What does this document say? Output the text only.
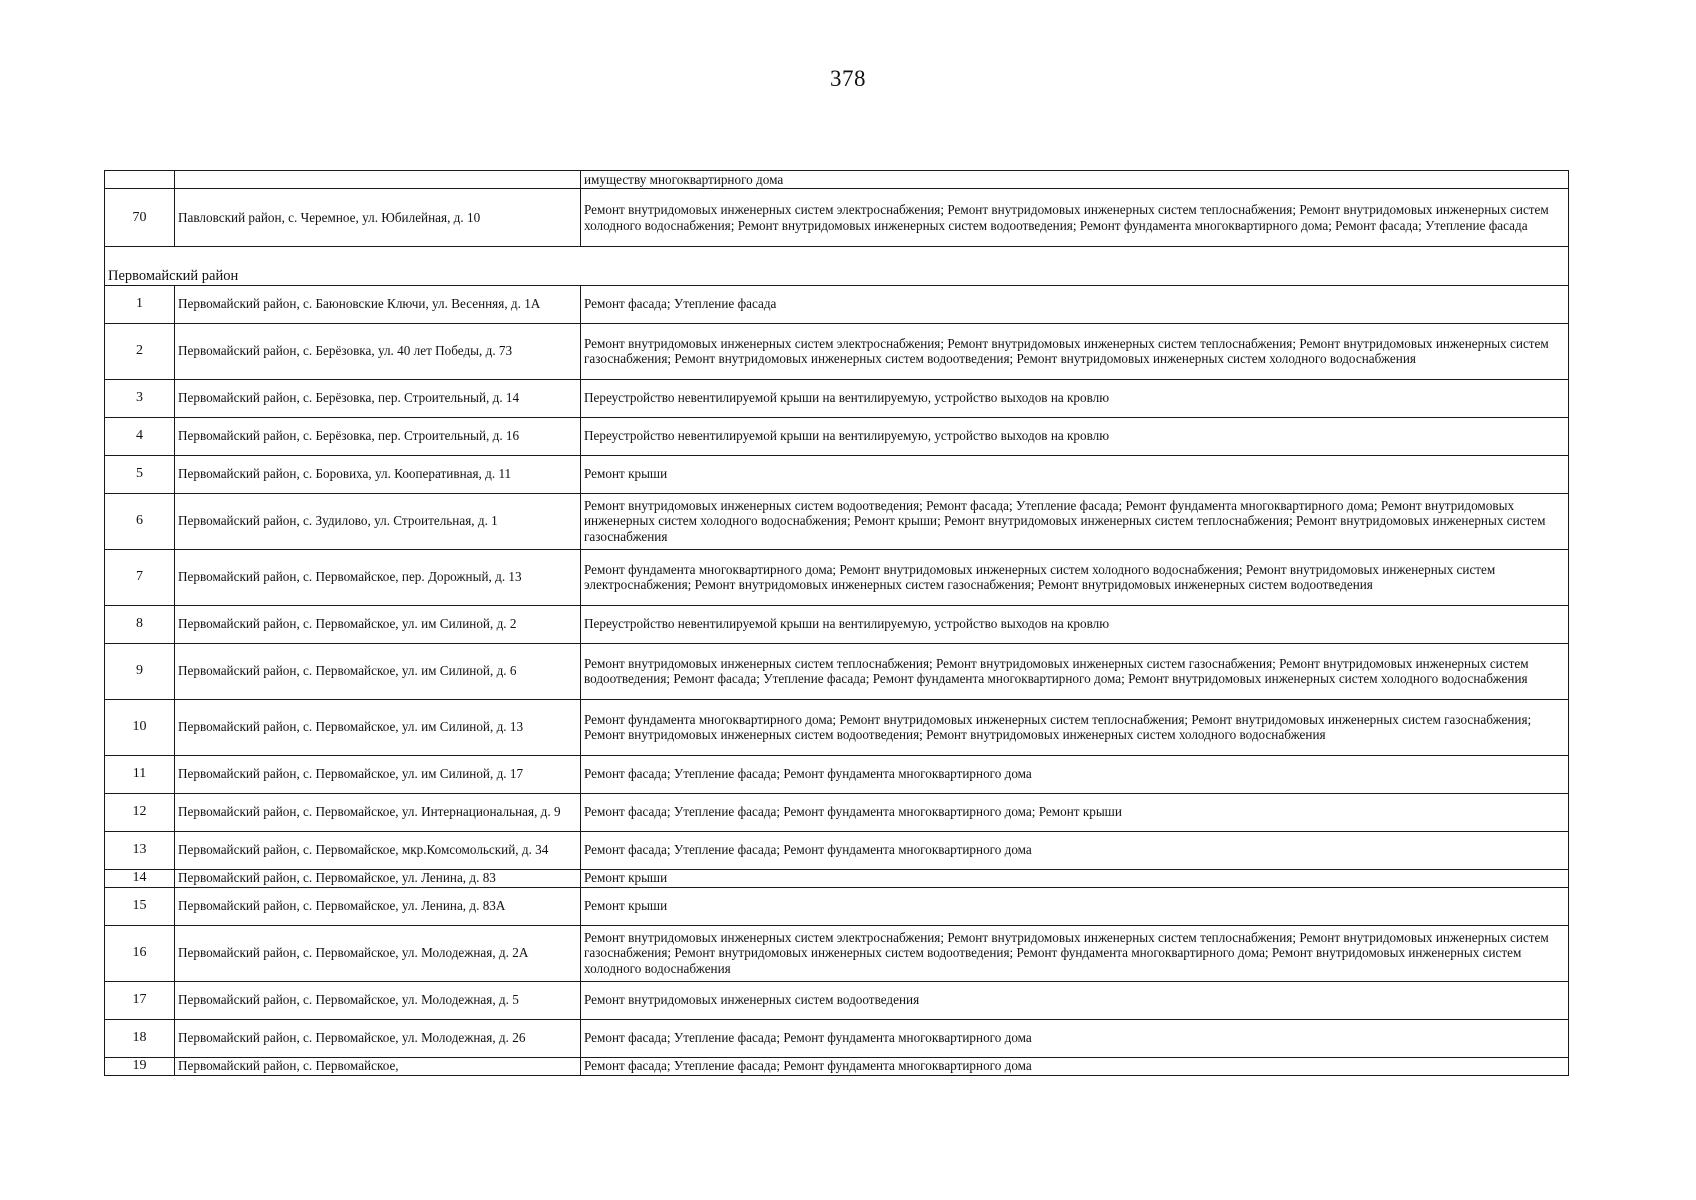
378
		имуществу многоквартирного дома
70	Павловский район, с. Черемное, ул. Юбилейная, д. 10	Ремонт внутридомовых инженерных систем электроснабжения; Ремонт внутридомовых инженерных систем теплоснабжения; Ремонт внутридомовых инженерных систем холодного водоснабжения; Ремонт внутридомовых инженерных систем водоотведения; Ремонт фундамента многоквартирного дома; Ремонт фасада; Утепление фасада
Первомайский район		
1	Первомайский район, с. Баюновские Ключи, ул. Весенняя, д. 1А	Ремонт фасада; Утепление фасада
2	Первомайский район, с. Берёзовка, ул. 40 лет Победы, д. 73	Ремонт внутридомовых инженерных систем электроснабжения; Ремонт внутридомовых инженерных систем теплоснабжения; Ремонт внутридомовых инженерных систем газоснабжения; Ремонт внутридомовых инженерных систем водоотведения; Ремонт внутридомовых инженерных систем холодного водоснабжения
3	Первомайский район, с. Берёзовка, пер. Строительный, д. 14	Переустройство невентилируемой крыши на вентилируемую, устройство выходов на кровлю
4	Первомайский район, с. Берёзовка, пер. Строительный, д. 16	Переустройство невентилируемой крыши на вентилируемую, устройство выходов на кровлю
5	Первомайский район, с. Боровиха, ул. Кооперативная, д. 11	Ремонт крыши
6	Первомайский район, с. Зудилово, ул. Строительная, д. 1	Ремонт внутридомовых инженерных систем водоотведения; Ремонт фасада; Утепление фасада; Ремонт фундамента многоквартирного дома; Ремонт внутридомовых инженерных систем холодного водоснабжения; Ремонт крыши; Ремонт внутридомовых инженерных систем теплоснабжения; Ремонт внутридомовых инженерных систем газоснабжения
7	Первомайский район, с. Первомайское, пер. Дорожный, д. 13	Ремонт фундамента многоквартирного дома; Ремонт внутридомовых инженерных систем холодного водоснабжения; Ремонт внутридомовых инженерных систем электроснабжения; Ремонт внутридомовых инженерных систем газоснабжения; Ремонт внутридомовых инженерных систем водоотведения
8	Первомайский район, с. Первомайское, ул. им Силиной, д. 2	Переустройство невентилируемой крыши на вентилируемую, устройство выходов на кровлю
9	Первомайский район, с. Первомайское, ул. им Силиной, д. 6	Ремонт внутридомовых инженерных систем теплоснабжения; Ремонт внутридомовых инженерных систем газоснабжения; Ремонт внутридомовых инженерных систем водоотведения; Ремонт фасада; Утепление фасада; Ремонт фундамента многоквартирного дома; Ремонт внутридомовых инженерных систем холодного водоснабжения
10	Первомайский район, с. Первомайское, ул. им Силиной, д. 13	Ремонт фундамента многоквартирного дома; Ремонт внутридомовых инженерных систем теплоснабжения; Ремонт внутридомовых инженерных систем газоснабжения; Ремонт внутридомовых инженерных систем водоотведения; Ремонт внутридомовых инженерных систем холодного водоснабжения
11	Первомайский район, с. Первомайское, ул. им Силиной, д. 17	Ремонт фасада; Утепление фасада; Ремонт фундамента многоквартирного дома
12	Первомайский район, с. Первомайское, ул. Интернациональная, д. 9	Ремонт фасада; Утепление фасада; Ремонт фундамента многоквартирного дома; Ремонт крыши
13	Первомайский район, с. Первомайское, мкр.Комсомольский, д. 34	Ремонт фасада; Утепление фасада; Ремонт фундамента многоквартирного дома
14	Первомайский район, с. Первомайское, ул. Ленина, д. 83	Ремонт крыши
15	Первомайский район, с. Первомайское, ул. Ленина, д. 83А	Ремонт крыши
16	Первомайский район, с. Первомайское, ул. Молодежная, д. 2А	Ремонт внутридомовых инженерных систем электроснабжения; Ремонт внутридомовых инженерных систем теплоснабжения; Ремонт внутридомовых инженерных систем газоснабжения; Ремонт внутридомовых инженерных систем водоотведения; Ремонт фундамента многоквартирного дома; Ремонт внутридомовых инженерных систем холодного водоснабжения
17	Первомайский район, с. Первомайское, ул. Молодежная, д. 5	Ремонт внутридомовых инженерных систем водоотведения
18	Первомайский район, с. Первомайское, ул. Молодежная, д. 26	Ремонт фасада; Утепление фасада; Ремонт фундамента многоквартирного дома
19	Первомайский район, с. Первомайское,	Ремонт фасада; Утепление фасада; Ремонт фундамента многоквартирного дома
